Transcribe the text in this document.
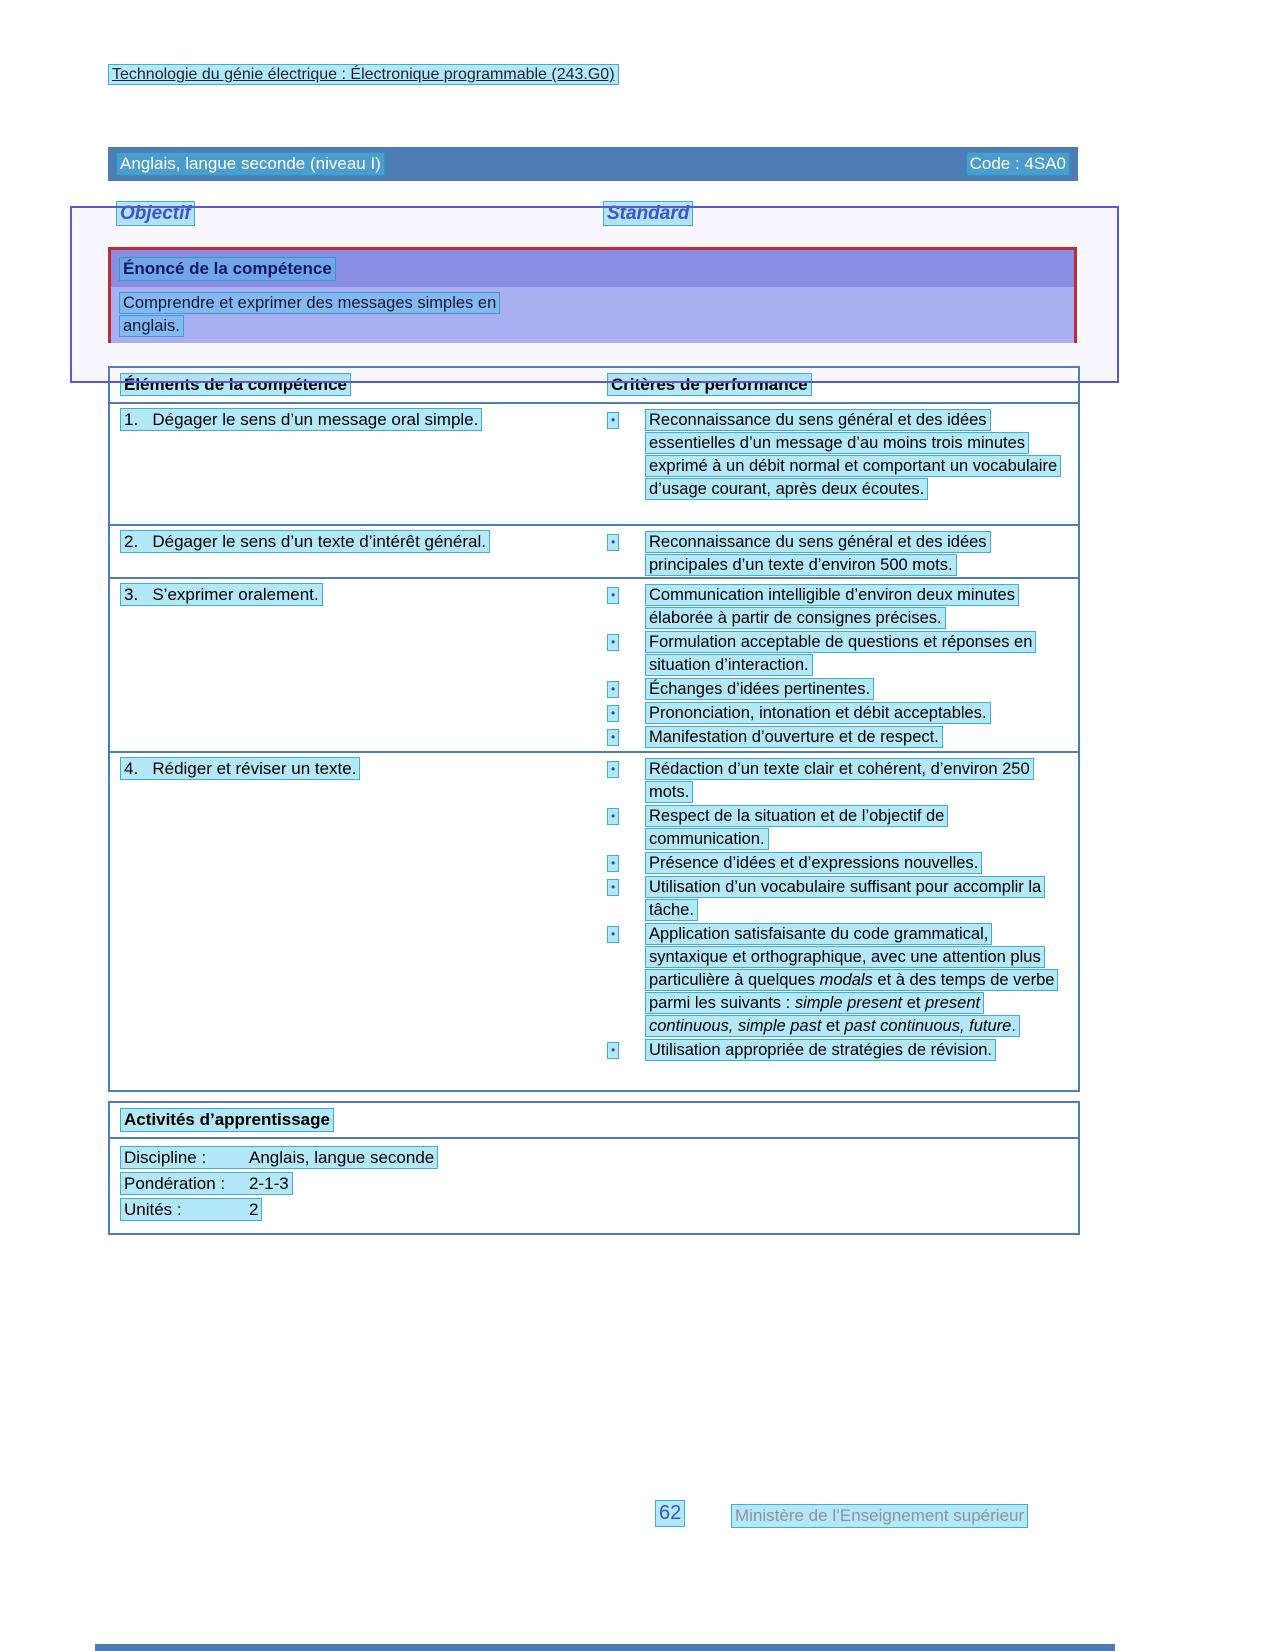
Technologie du génie électrique : Électronique programmable (243.G0)
Anglais, langue seconde (niveau I)	Code : 4SA0
Objectif	Standard
Énoncé de la compétence

Comprendre et exprimer des messages simples en anglais.

Éléments de la compétence	Critères de performance
1.   Dégager le sens d’un message oral simple.	• Reconnaissance du sens général et des idées essentielles d’un message d’au moins trois minutes exprimé à un débit normal et comportant un vocabulaire d’usage courant, après deux écoutes.
2.   Dégager le sens d’un texte d’intérêt général.	• Reconnaissance du sens général et des idées principales d’un texte d’environ 500 mots.
3.   S’exprimer oralement.	• Communication intelligible d’environ deux minutes élaborée à partir de consignes précises.
• Formulation acceptable de questions et réponses en situation d’interaction.
• Échanges d’idées pertinentes.
• Prononciation, intonation et débit acceptables.
• Manifestation d’ouverture et de respect.
4.   Rédiger et réviser un texte.	• Rédaction d’un texte clair et cohérent, d’environ 250 mots.
• Respect de la situation et de l’objectif de communication.
• Présence d’idées et d’expressions nouvelles.
• Utilisation d’un vocabulaire suffisant pour accomplir la tâche.
• Application satisfaisante du code grammatical, syntaxique et orthographique, avec une attention plus particulière à quelques modals et à des temps de verbe parmi les suivants : simple present et present continuous, simple past et past continuous, future.
• Utilisation appropriée de stratégies de révision.
Activités d’apprentissage
Discipline :	Anglais, langue seconde
Pondération : 2-1-3
Unités :	2
62	Ministère de l’Enseignement supérieur
